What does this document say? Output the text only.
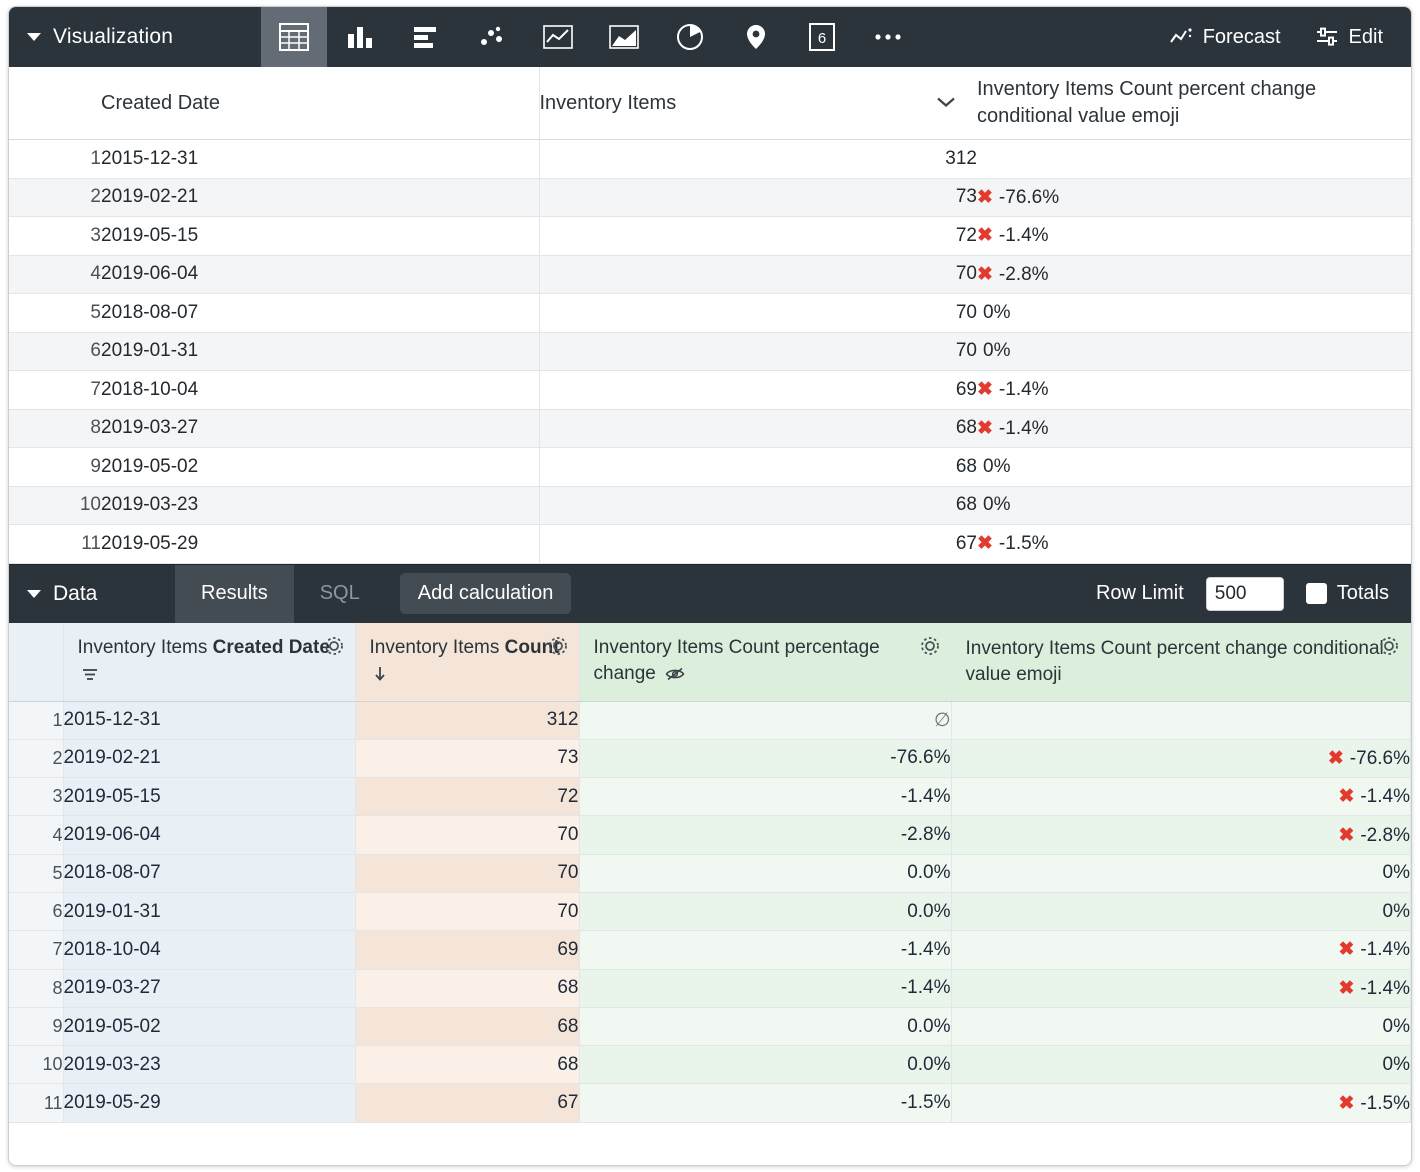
Visualization	6	Forecast	Edit
	Created Date	Inventory Items	Inventory Items Count percent change conditional value emoji
1	2015-12-31	312	
2	2019-02-21	73	✖ -76.6%
3	2019-05-15	72	✖ -1.4%
4	2019-06-04	70	✖ -2.8%
5	2018-08-07	70	0%
6	2019-01-31	70	0%
7	2018-10-04	69	✖ -1.4%
8	2019-03-27	68	✖ -1.4%
9	2019-05-02	68	0%
10	2019-03-23	68	0%
11	2019-05-29	67	✖ -1.5%
Data	Results	SQL	Add calculation	Row Limit
500	Totals
	Inventory Items Created Date	Inventory Items Count	Inventory Items Count percentage change	Inventory Items Count percent change conditional value emoji

1	2015-12-31	312	∅	
2	2019-02-21	73	-76.6%	✖ -76.6%
3	2019-05-15	72	-1.4%	✖ -1.4%
4	2019-06-04	70	-2.8%	✖ -2.8%
5	2018-08-07	70	0.0%	0%
6	2019-01-31	70	0.0%	0%
7	2018-10-04	69	-1.4%	✖ -1.4%
8	2019-03-27	68	-1.4%	✖ -1.4%
9	2019-05-02	68	0.0%	0%
10	2019-03-23	68	0.0%	0%
11	2019-05-29	67	-1.5%	✖ -1.5%
